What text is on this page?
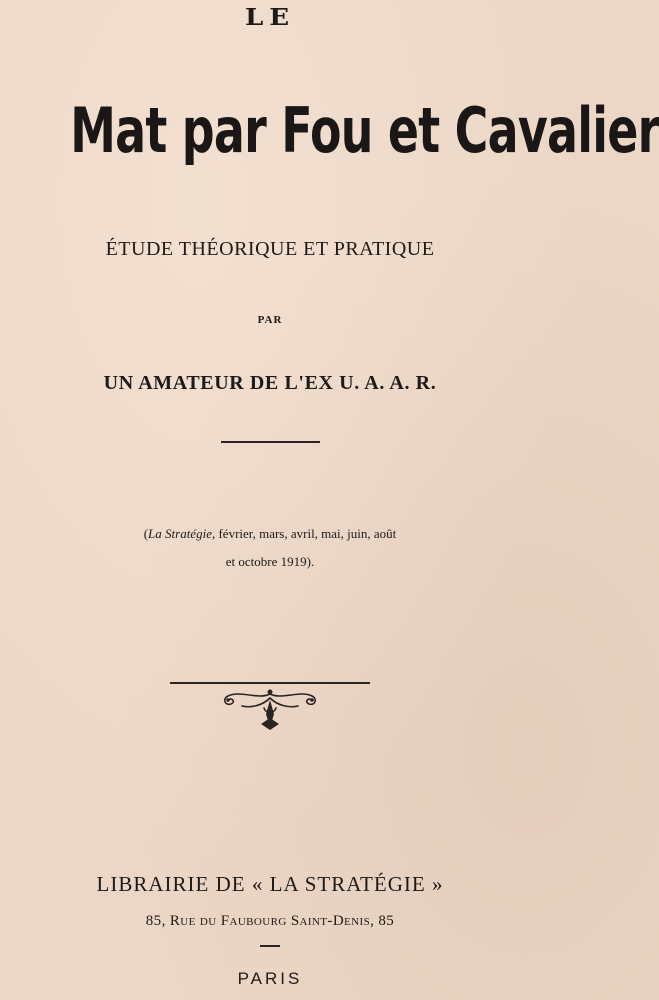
LE
Mat par Fou et Cavalier
ÉTUDE THÉORIQUE ET PRATIQUE
PAR
UN AMATEUR DE L'EX U. A. A. R.
(La Stratégie, février, mars, avril, mai, juin, août
et octobre 1919).
LIBRAIRIE DE « LA STRATÉGIE »
85, Rue du Faubourg Saint-Denis, 85
PARIS
